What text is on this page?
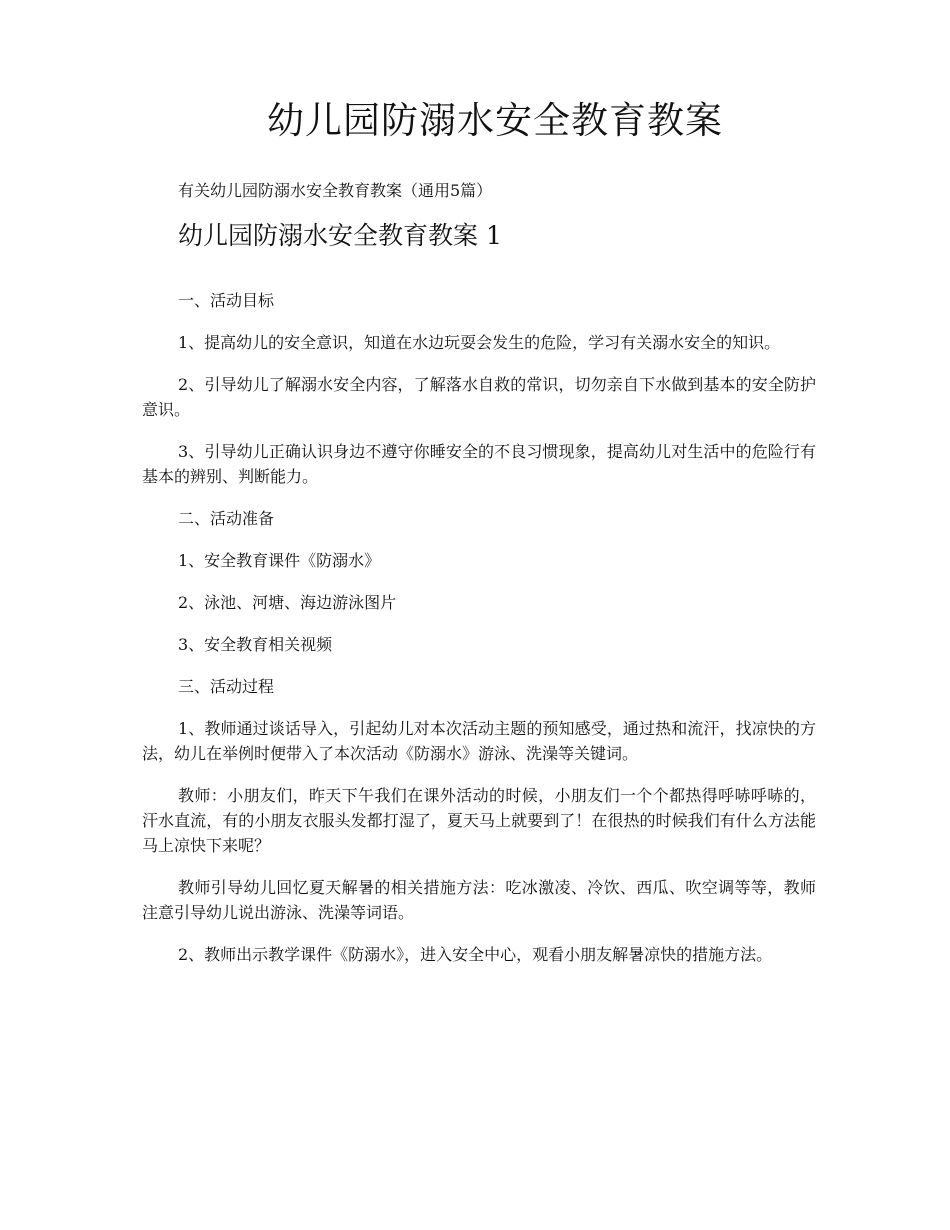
幼儿园防溺水安全教育教案

有关幼儿园防溺水安全教育教案（通用5篇）

幼儿园防溺水安全教育教案 1

一、活动目标

1、提高幼儿的安全意识，知道在水边玩耍会发生的危险，学习有关溺水安全的知识。

2、引导幼儿了解溺水安全内容，了解落水自救的常识，切勿亲自下水做到基本的安全防护意识。

3、引导幼儿正确认识身边不遵守你睡安全的不良习惯现象，提高幼儿对生活中的危险行有基本的辨别、判断能力。

二、活动准备

1、安全教育课件《防溺水》

2、泳池、河塘、海边游泳图片

3、安全教育相关视频

三、活动过程

1、教师通过谈话导入，引起幼儿对本次活动主题的预知感受，通过热和流汗，找凉快的方法，幼儿在举例时便带入了本次活动《防溺水》游泳、洗澡等关键词。

教师：小朋友们，昨天下午我们在课外活动的时候，小朋友们一个个都热得呼哧呼哧的，汗水直流，有的小朋友衣服头发都打湿了，夏天马上就要到了！在很热的时候我们有什么方法能马上凉快下来呢？

教师引导幼儿回忆夏天解暑的相关措施方法：吃冰激凌、冷饮、西瓜、吹空调等等，教师注意引导幼儿说出游泳、洗澡等词语。

2、教师出示教学课件《防溺水》，进入安全中心，观看小朋友解暑凉快的措施方法。
